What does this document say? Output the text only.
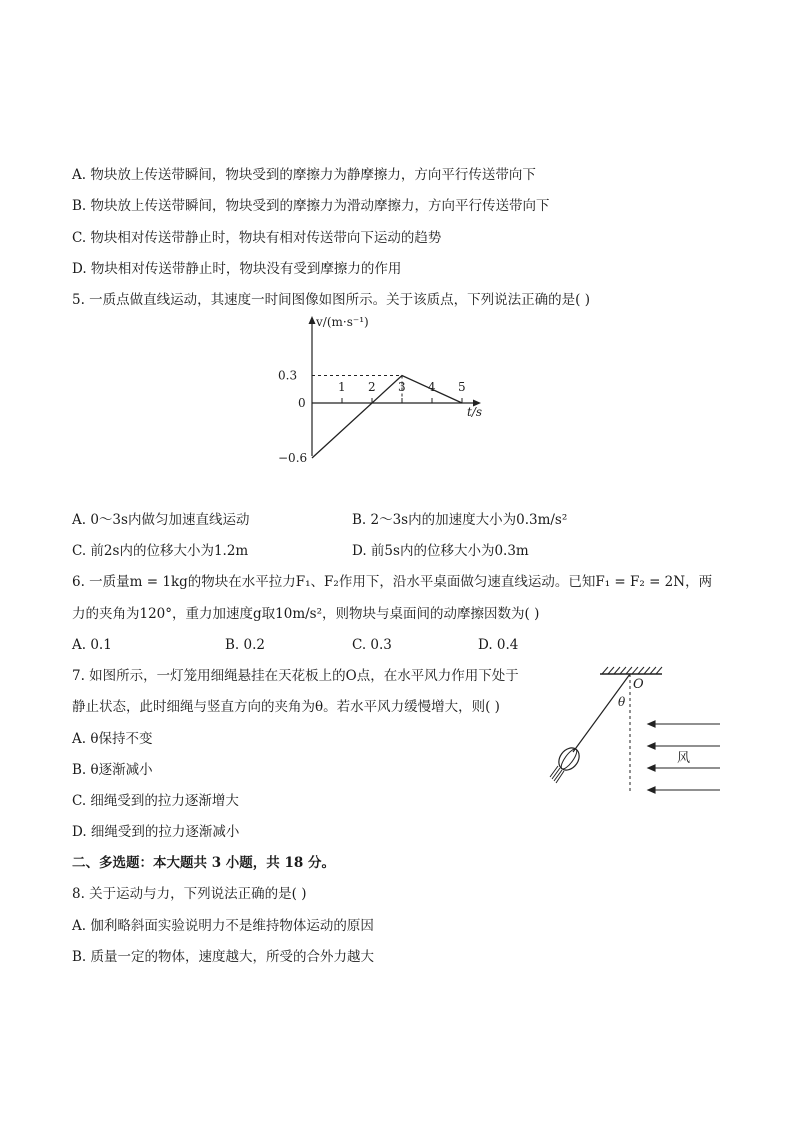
A. 物块放上传送带瞬间，物块受到的摩擦力为静摩擦力，方向平行传送带向下
B. 物块放上传送带瞬间，物块受到的摩擦力为滑动摩擦力，方向平行传送带向下
C. 物块相对传送带静止时，物块有相对传送带向下运动的趋势
D. 物块相对传送带静止时，物块没有受到摩擦力的作用
5. 一质点做直线运动，其速度一时间图像如图所示。关于该质点，下列说法正确的是( )
1 2 3 4 5
0.3
0
−0.6
v/(m·s⁻¹)
t/s
A. 0～3s内做匀加速直线运动	B. 2～3s内的加速度大小为0.3m/s²
C. 前2s内的位移大小为1.2m	D. 前5s内的位移大小为0.3m
6. 一质量m = 1kg的物块在水平拉力F₁、F₂作用下，沿水平桌面做匀速直线运动。已知F₁ = F₂ = 2N，两
力的夹角为120°，重力加速度g取10m/s²，则物块与桌面间的动摩擦因数为( )
A. 0.1	B. 0.2	C. 0.3	D. 0.4
7. 如图所示，一灯笼用细绳悬挂在天花板上的O点，在水平风力作用下处于
静止状态，此时细绳与竖直方向的夹角为θ。若水平风力缓慢增大，则( )
A. θ保持不变
B. θ逐渐减小
C. 细绳受到的拉力逐渐增大
D. 细绳受到的拉力逐渐减小
O
θ
风
二、多选题：本大题共 3 小题，共 18 分。
8. 关于运动与力，下列说法正确的是( )
A. 伽利略斜面实验说明力不是维持物体运动的原因
B. 质量一定的物体，速度越大，所受的合外力越大
